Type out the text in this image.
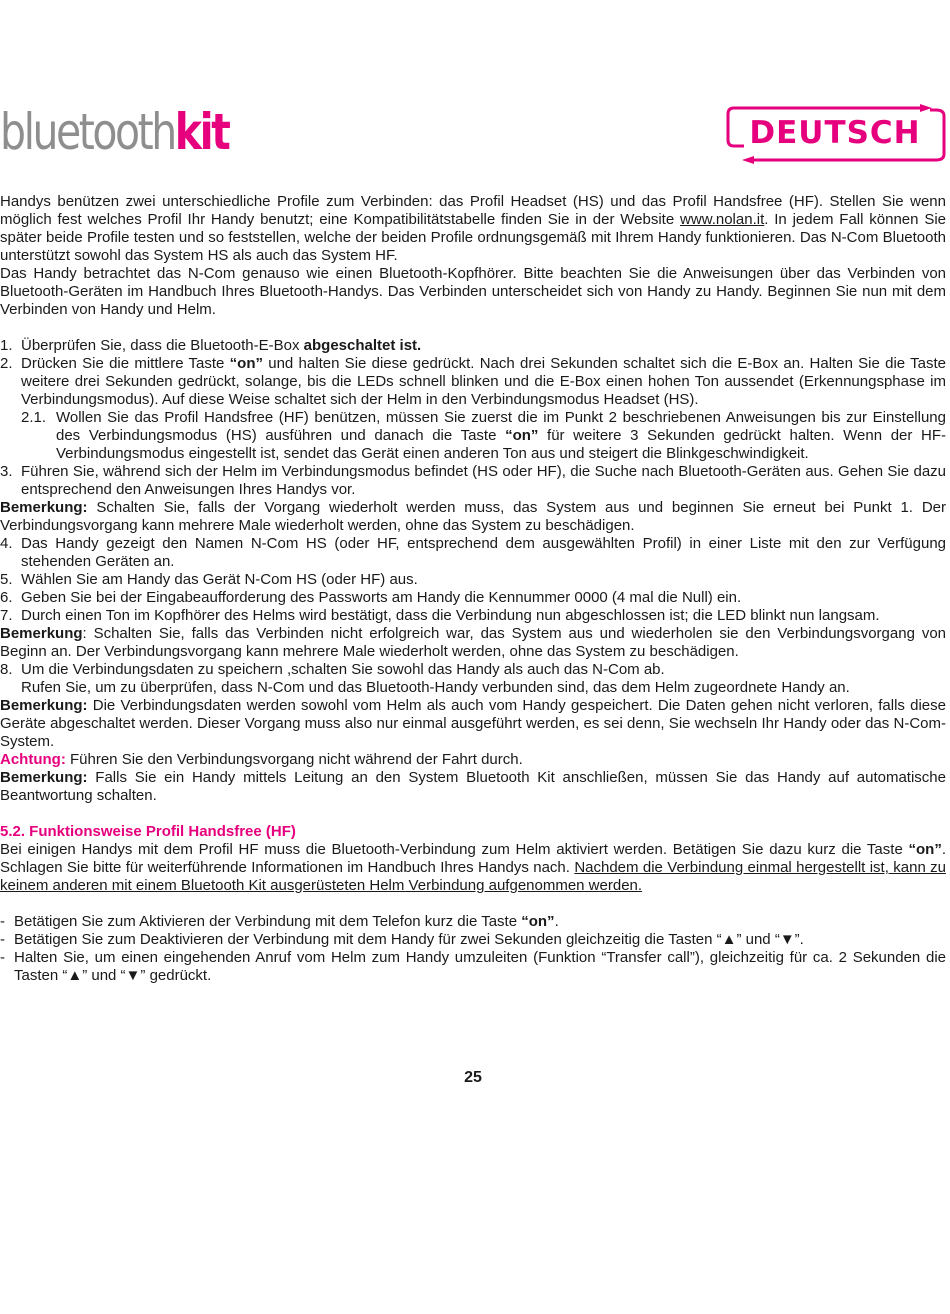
bluetoothkit	DEUTSCH

Handys benützen zwei unterschiedliche Profile zum Verbinden: das Profil Headset (HS) und das Profil Handsfree (HF). Stellen Sie wenn möglich fest welches Profil Ihr Handy benutzt; eine Kompatibilitätstabelle finden Sie in der Website www.nolan.it. In jedem Fall können Sie später beide Profile testen und so feststellen, welche der beiden Profile ordnungsgemäß mit Ihrem Handy funktionieren. Das N-Com Bluetooth unterstützt sowohl das System HS als auch das System HF.

Das Handy betrachtet das N-Com genauso wie einen Bluetooth-Kopfhörer. Bitte beachten Sie die Anweisungen über das Verbinden von Bluetooth-Geräten im Handbuch Ihres Bluetooth-Handys. Das Verbinden unterscheidet sich von Handy zu Handy. Beginnen Sie nun mit dem Verbinden von Handy und Helm.

1. Überprüfen Sie, dass die Bluetooth-E-Box abgeschaltet ist.
2. Drücken Sie die mittlere Taste “on” und halten Sie diese gedrückt. Nach drei Sekunden schaltet sich die E-Box an. Halten Sie die Taste weitere drei Sekunden gedrückt, solange, bis die LEDs schnell blinken und die E-Box einen hohen Ton aussendet (Erkennungsphase im Verbindungsmodus). Auf diese Weise schaltet sich der Helm in den Verbindungsmodus Headset (HS).
2.1. Wollen Sie das Profil Handsfree (HF) benützen, müssen Sie zuerst die im Punkt 2 beschriebenen Anweisungen bis zur Einstellung des Verbindungsmodus (HS) ausführen und danach die Taste “on” für weitere 3 Sekunden gedrückt halten. Wenn der HF-Verbindungsmodus eingestellt ist, sendet das Gerät einen anderen Ton aus und steigert die Blinkgeschwindigkeit.
3. Führen Sie, während sich der Helm im Verbindungsmodus befindet (HS oder HF), die Suche nach Bluetooth-Geräten aus. Gehen Sie dazu entsprechend den Anweisungen Ihres Handys vor.

Bemerkung: Schalten Sie, falls der Vorgang wiederholt werden muss, das System aus und beginnen Sie erneut bei Punkt 1. Der Verbindungsvorgang kann mehrere Male wiederholt werden, ohne das System zu beschädigen.

4. Das Handy gezeigt den Namen N-Com HS (oder HF, entsprechend dem ausgewählten Profil) in einer Liste mit den zur Verfügung stehenden Geräten an.
5. Wählen Sie am Handy das Gerät N-Com HS (oder HF) aus.
6. Geben Sie bei der Eingabeaufforderung des Passworts am Handy die Kennummer 0000 (4 mal die Null) ein.
7. Durch einen Ton im Kopfhörer des Helms wird bestätigt, dass die Verbindung nun abgeschlossen ist; die LED blinkt nun langsam.

Bemerkung: Schalten Sie, falls das Verbinden nicht erfolgreich war, das System aus und wiederholen sie den Verbindungsvorgang von Beginn an. Der Verbindungsvorgang kann mehrere Male wiederholt werden, ohne das System zu beschädigen.

8. Um die Verbindungsdaten zu speichern ,schalten Sie sowohl das Handy als auch das N-Com ab.
Rufen Sie, um zu überprüfen, dass N-Com und das Bluetooth-Handy verbunden sind, das dem Helm zugeordnete Handy an.

Bemerkung: Die Verbindungsdaten werden sowohl vom Helm als auch vom Handy gespeichert. Die Daten gehen nicht verloren, falls diese Geräte abgeschaltet werden. Dieser Vorgang muss also nur einmal ausgeführt werden, es sei denn, Sie wechseln Ihr Handy oder das N-Com-System.

Achtung: Führen Sie den Verbindungsvorgang nicht während der Fahrt durch.

Bemerkung: Falls Sie ein Handy mittels Leitung an den System Bluetooth Kit anschließen, müssen Sie das Handy auf automatische Beantwortung schalten.

5.2. Funktionsweise Profil Handsfree (HF)

Bei einigen Handys mit dem Profil HF muss die Bluetooth-Verbindung zum Helm aktiviert werden. Betätigen Sie dazu kurz die Taste “on”. Schlagen Sie bitte für weiterführende Informationen im Handbuch Ihres Handys nach. Nachdem die Verbindung einmal hergestellt ist, kann zu keinem anderen mit einem Bluetooth Kit ausgerüsteten Helm Verbindung aufgenommen werden.

- Betätigen Sie zum Aktivieren der Verbindung mit dem Telefon kurz die Taste “on”.
- Betätigen Sie zum Deaktivieren der Verbindung mit dem Handy für zwei Sekunden gleichzeitig die Tasten “▲” und “▼”.
- Halten Sie, um einen eingehenden Anruf vom Helm zum Handy umzuleiten (Funktion “Transfer call”), gleichzeitig für ca. 2 Sekunden die Tasten “▲” und “▼” gedrückt.
25
